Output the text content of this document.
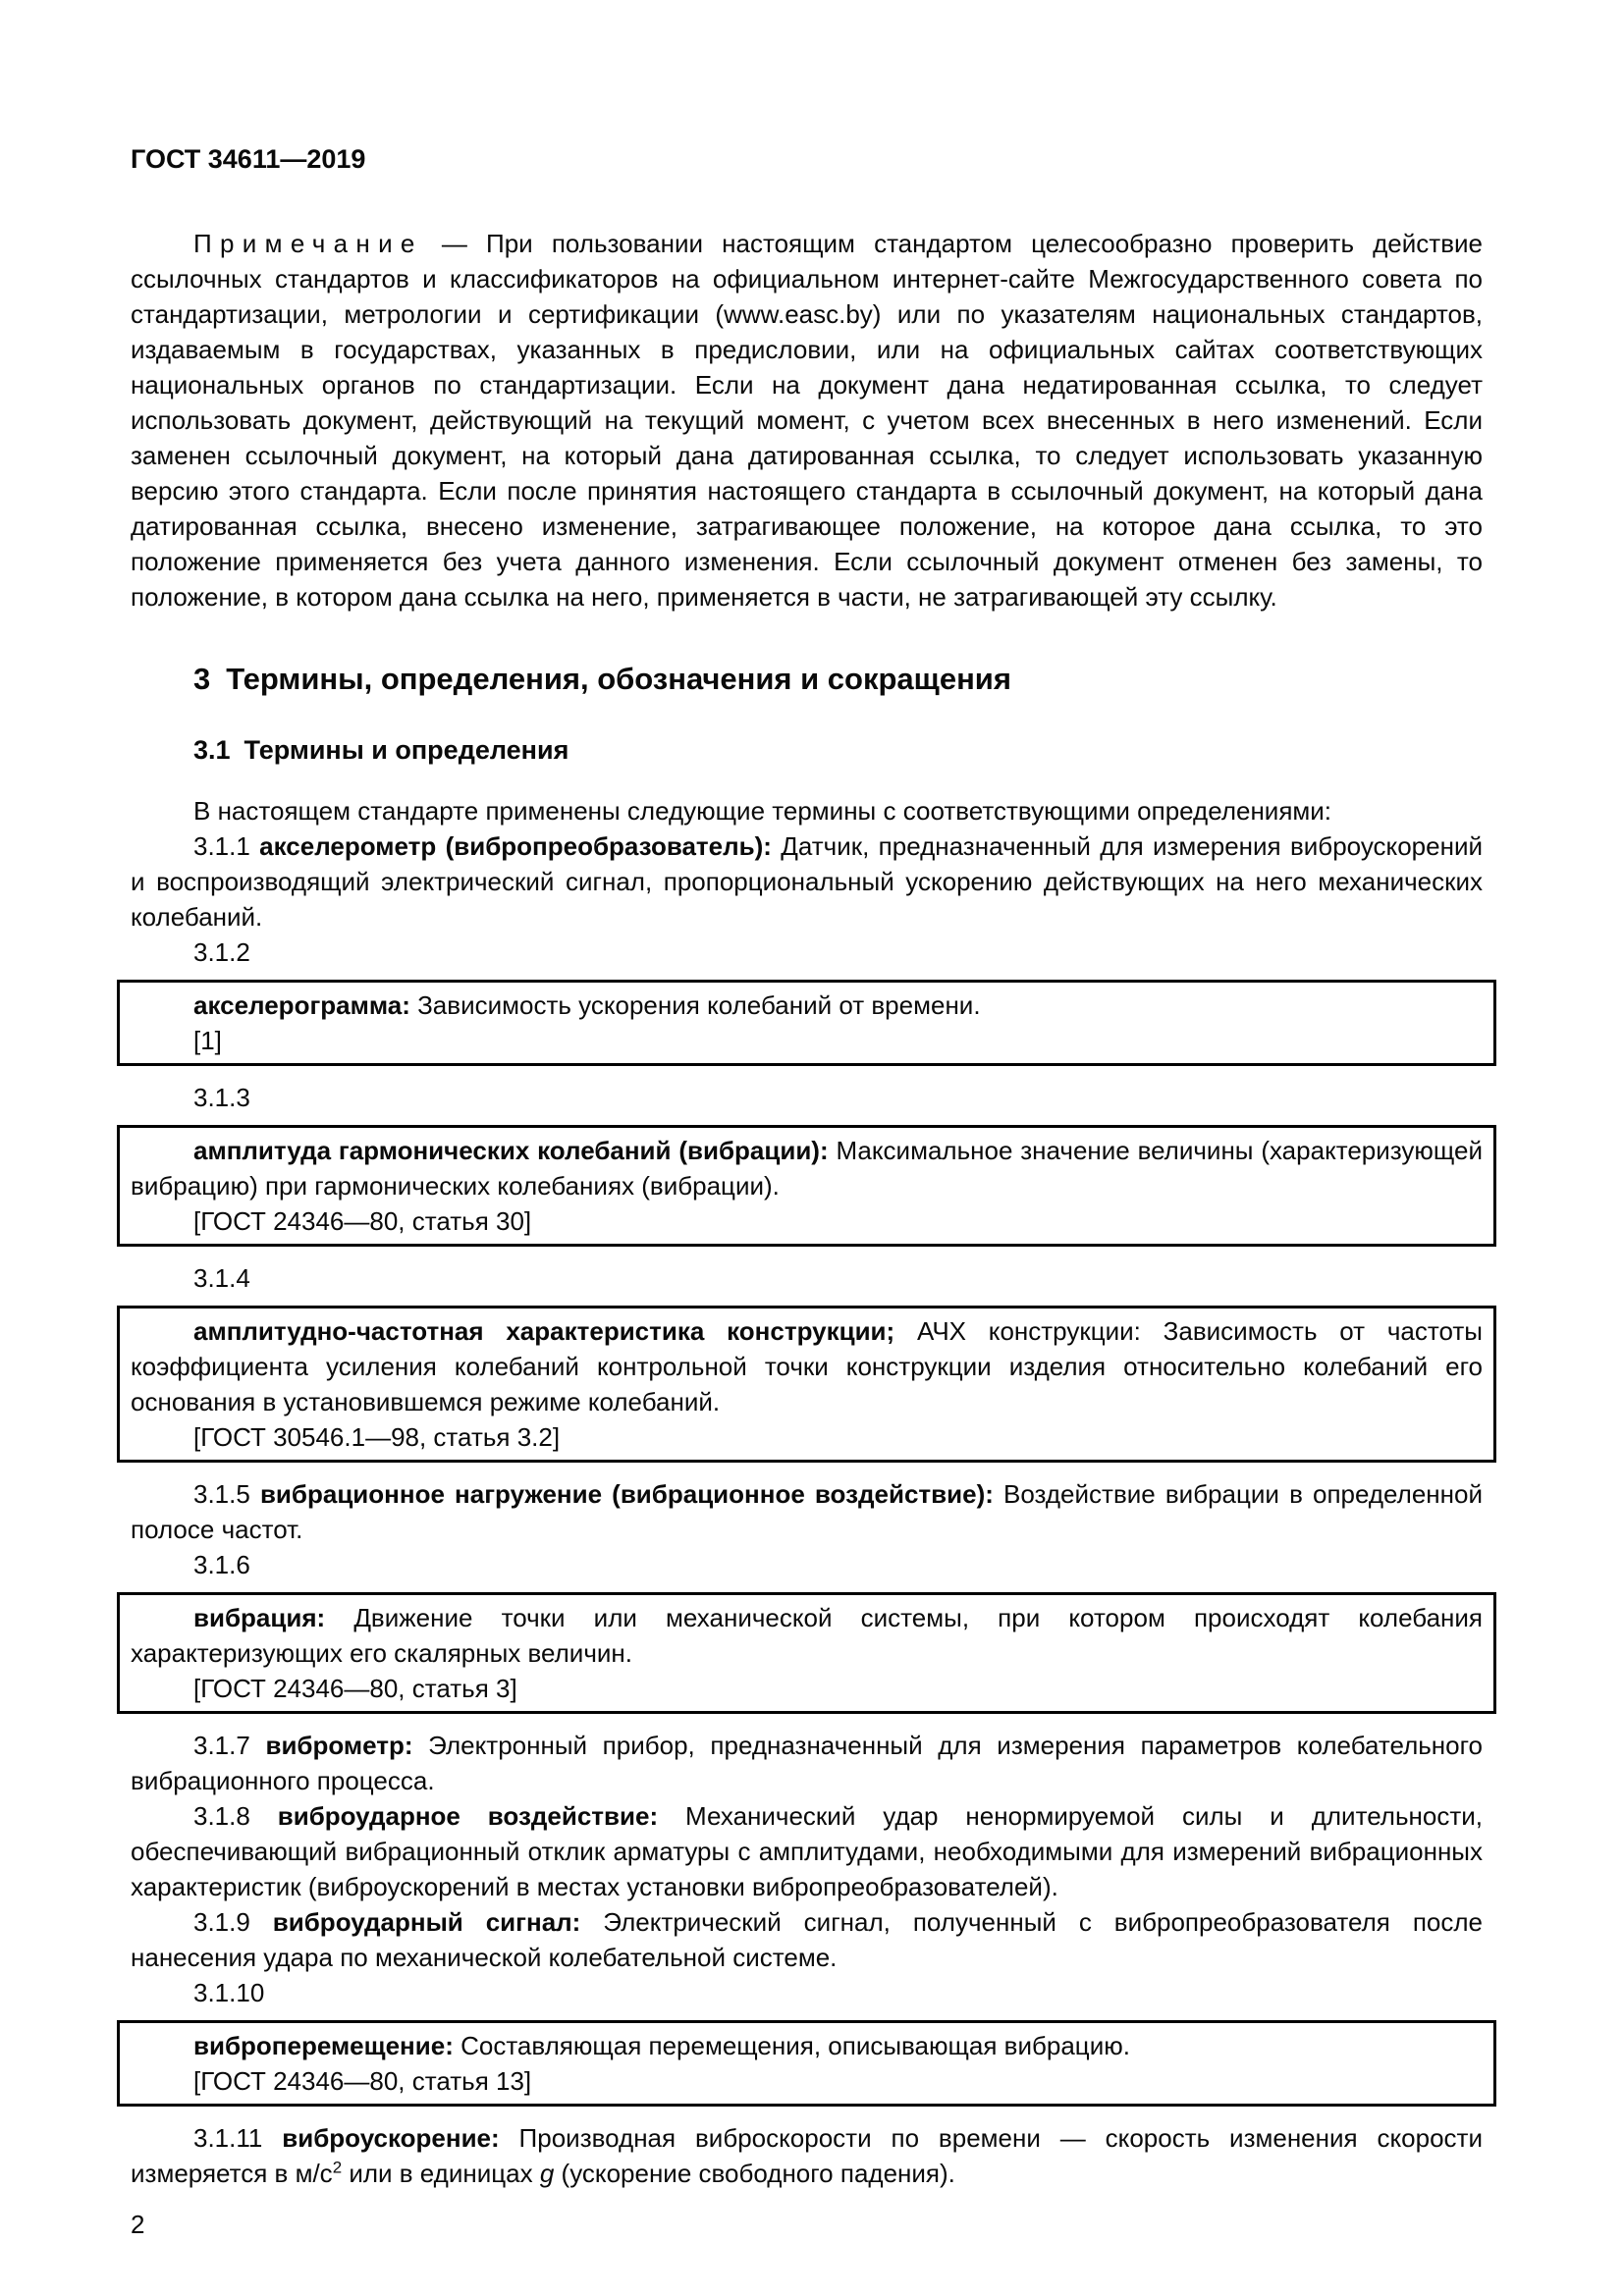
ГОСТ 34611—2019

Примечание — При пользовании настоящим стандартом целесообразно проверить действие ссылочных стандартов и классификаторов на официальном интернет-сайте Межгосударственного совета по стандартизации, метрологии и сертификации (www.easc.by) или по указателям национальных стандартов, издаваемым в государствах, указанных в предисловии, или на официальных сайтах соответствующих национальных органов по стандартизации. Если на документ дана недатированная ссылка, то следует использовать документ, действующий на текущий момент, с учетом всех внесенных в него изменений. Если заменен ссылочный документ, на который дана датированная ссылка, то следует использовать указанную версию этого стандарта. Если после принятия настоящего стандарта в ссылочный документ, на который дана датированная ссылка, внесено изменение, затрагивающее положение, на которое дана ссылка, то это положение применяется без учета данного изменения. Если ссылочный документ отменен без замены, то положение, в котором дана ссылка на него, применяется в части, не затрагивающей эту ссылку.

3 Термины, определения, обозначения и сокращения
3.1 Термины и определения

В настоящем стандарте применены следующие термины с соответствующими определениями:

3.1.1 акселерометр (вибропреобразователь): Датчик, предназначенный для измерения виброускорений и воспроизводящий электрический сигнал, пропорциональный ускорению действующих на него механических колебаний.

3.1.2

акселерограмма: Зависимость ускорения колебаний от времени.

[1]

3.1.3

амплитуда гармонических колебаний (вибрации): Максимальное значение величины (характеризующей вибрацию) при гармонических колебаниях (вибрации).

[ГОСТ 24346—80, статья 30]

3.1.4

амплитудно-частотная характеристика конструкции; АЧХ конструкции: Зависимость от частоты коэффициента усиления колебаний контрольной точки конструкции изделия относительно колебаний его основания в установившемся режиме колебаний.

[ГОСТ 30546.1—98, статья 3.2]

3.1.5 вибрационное нагружение (вибрационное воздействие): Воздействие вибрации в определенной полосе частот.

3.1.6

вибрация: Движение точки или механической системы, при котором происходят колебания характеризующих его скалярных величин.

[ГОСТ 24346—80, статья 3]

3.1.7 виброметр: Электронный прибор, предназначенный для измерения параметров колебательного вибрационного процесса.

3.1.8 виброударное воздействие: Механический удар ненормируемой силы и длительности, обеспечивающий вибрационный отклик арматуры с амплитудами, необходимыми для измерений вибрационных характеристик (виброускорений в местах установки вибропреобразователей).

3.1.9 виброударный сигнал: Электрический сигнал, полученный с вибропреобразователя после нанесения удара по механической колебательной системе.

3.1.10

виброперемещение: Составляющая перемещения, описывающая вибрацию.

[ГОСТ 24346—80, статья 13]

3.1.11 виброускорение: Производная виброскорости по времени — скорость изменения скорости измеряется в $м/с^2$ или в единицах g (ускорение свободного падения).

2
